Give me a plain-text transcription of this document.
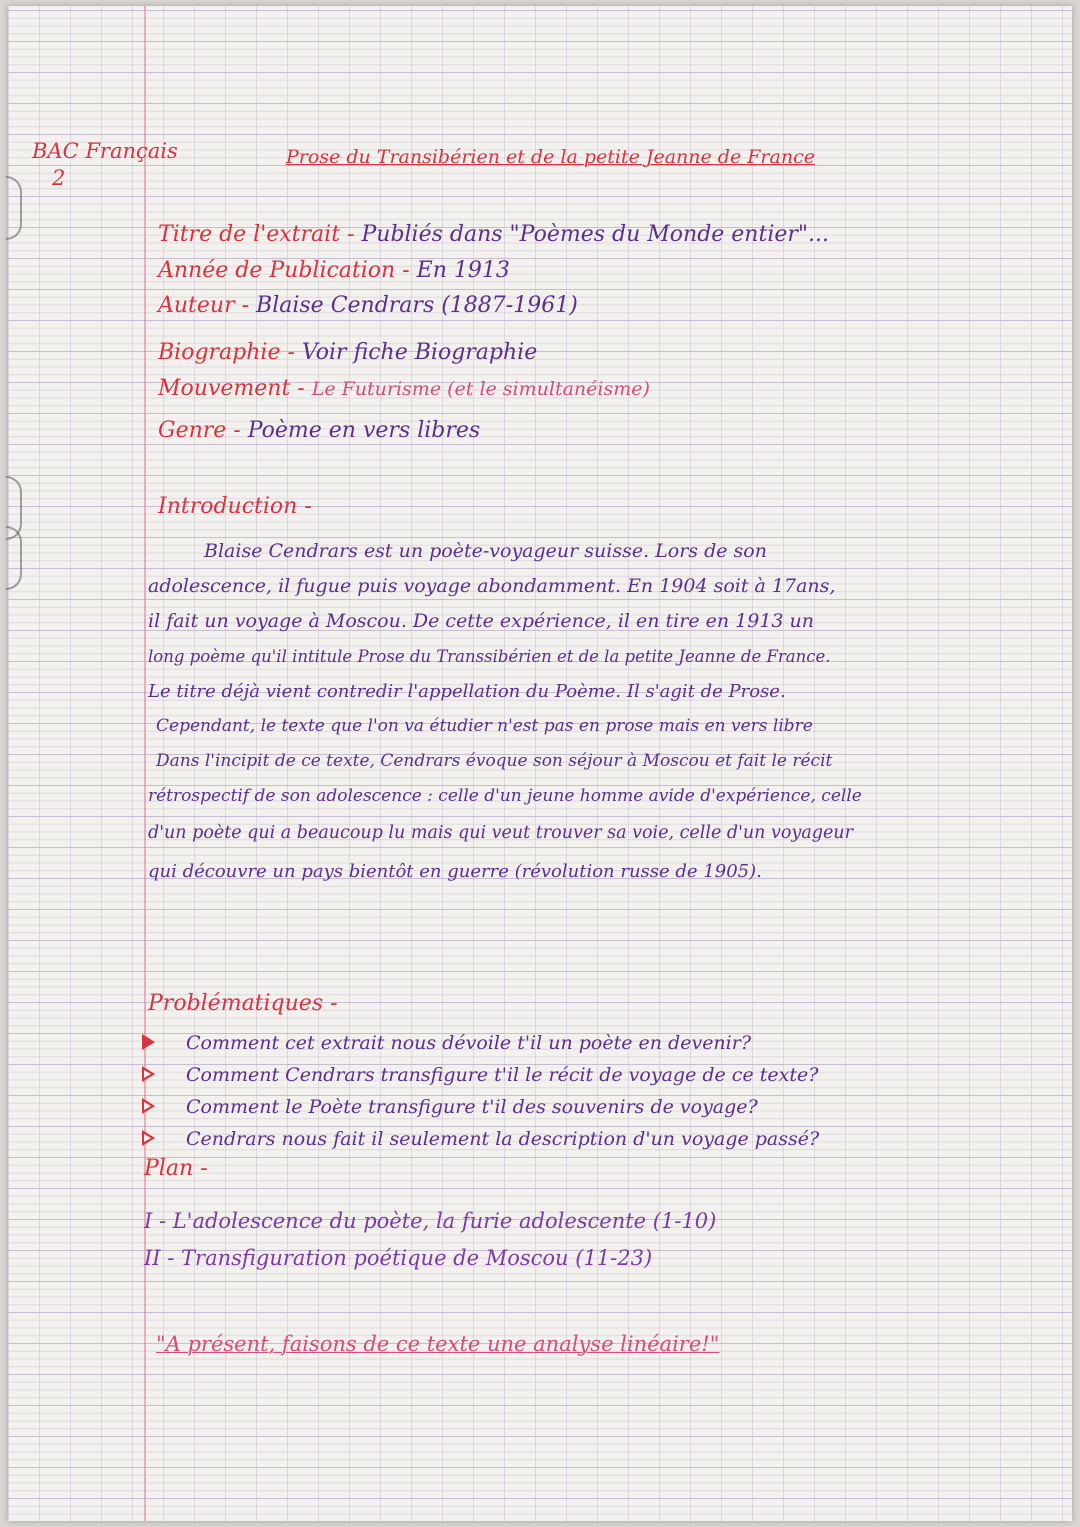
BAC Français
2
Prose du Transibérien et de la petite Jeanne de France
Titre de l'extrait - Publiés dans "Poèmes du Monde entier"...
Année de Publication - En 1913
Auteur - Blaise Cendrars (1887-1961)
Biographie - Voir fiche Biographie
Mouvement - Le Futurisme (et le simultanéisme)
Genre - Poème en vers libres
Introduction -
Blaise Cendrars est un poète-voyageur suisse. Lors de son
adolescence, il fugue puis voyage abondamment. En 1904 soit à 17ans,
il fait un voyage à Moscou. De cette expérience, il en tire en 1913 un
long poème qu'il intitule Prose du Transsibérien et de la petite Jeanne de France.
Le titre déjà vient contredir l'appellation du Poème. Il s'agit de Prose.
Cependant, le texte que l'on va étudier n'est pas en prose mais en vers libre
Dans l'incipit de ce texte, Cendrars évoque son séjour à Moscou et fait le récit
rétrospectif de son adolescence : celle d'un jeune homme avide d'expérience, celle
d'un poète qui a beaucoup lu mais qui veut trouver sa voie, celle d'un voyageur
qui découvre un pays bientôt en guerre (révolution russe de 1905).
Problématiques -
Comment cet extrait nous dévoile t'il un poète en devenir?
Comment Cendrars transfigure t'il le récit de voyage de ce texte?
Comment le Poète transfigure t'il des souvenirs de voyage?
Cendrars nous fait il seulement la description d'un voyage passé?
Plan -
I - L'adolescence du poète, la furie adolescente (1-10)
II - Transfiguration poétique de Moscou (11-23)
"A présent, faisons de ce texte une analyse linéaire!"
